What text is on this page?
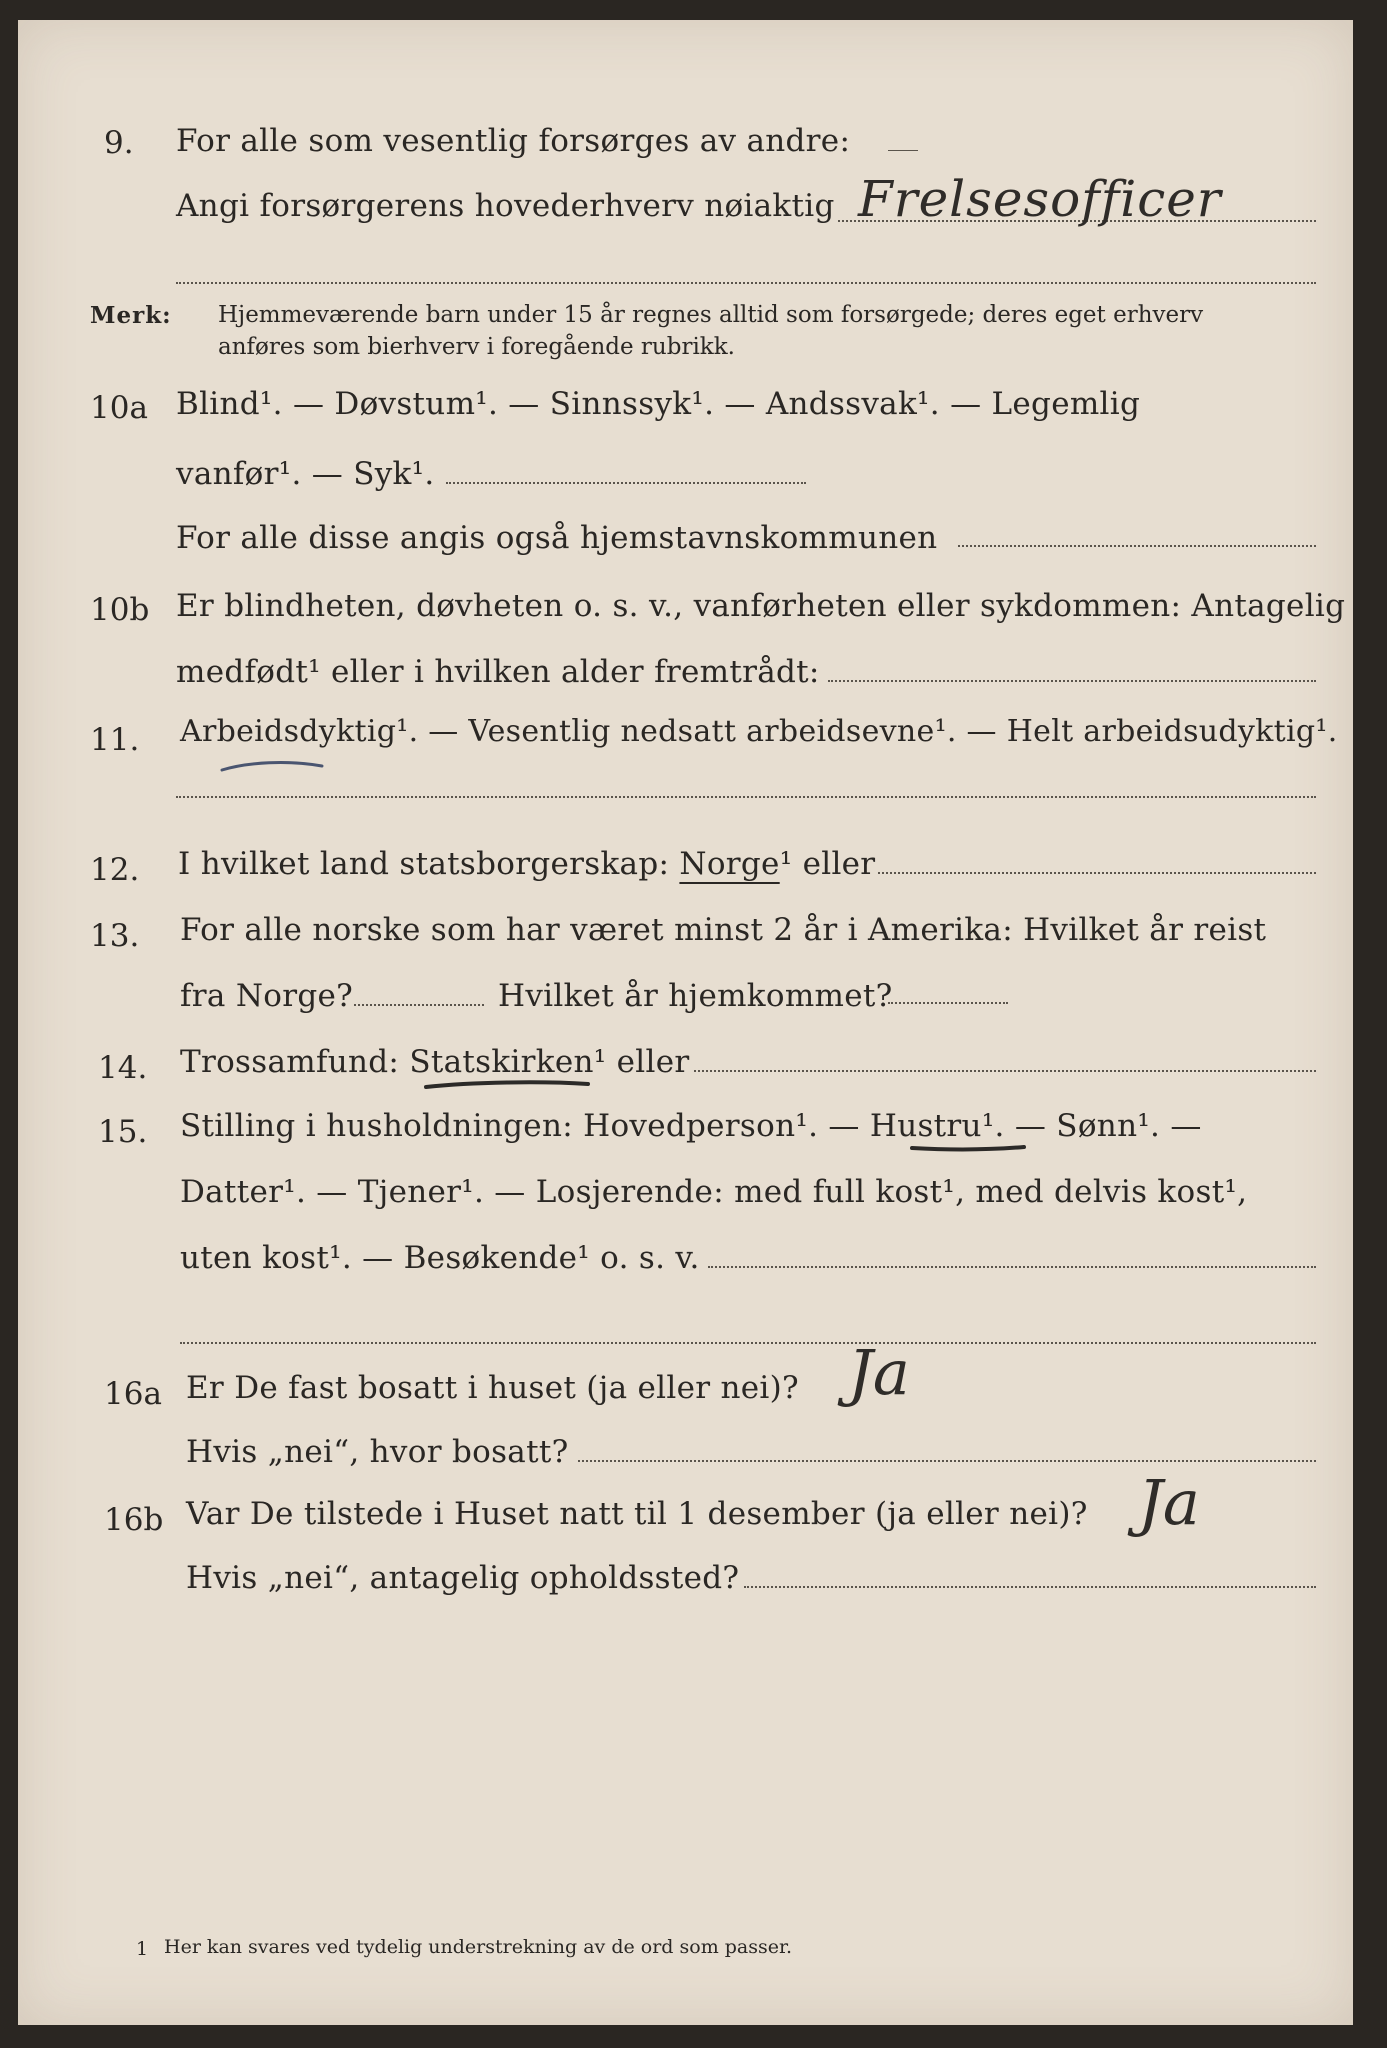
9. For alle som vesentlig forsørges av andre:
Angi forsørgerens hovederhverv nøiaktig Frelsesofficer
Merk: Hjemmeværende barn under 15 år regnes alltid som forsørgede; deres eget erhverv
anføres som bierhverv i foregående rubrikk.
10a Blind¹. — Døvstum¹. — Sinnssyk¹. — Andssvak¹. — Legemlig
vanfør¹. — Syk¹.
For alle disse angis også hjemstavnskommunen
10b Er blindheten, døvheten o. s. v., vanførheten eller sykdommen: Antagelig
medfødt¹ eller i hvilken alder fremtrådt:
11. Arbeidsdyktig¹. — Vesentlig nedsatt arbeidsevne¹. — Helt arbeidsudyktig¹.
12. I hvilket land statsborgerskap: Norge¹ eller
13. For alle norske som har været minst 2 år i Amerika: Hvilket år reist
fra Norge?	Hvilket år hjemkommet?
14. Trossamfund: Statskirken¹ eller
15. Stilling i husholdningen: Hovedperson¹. — Hustru¹. — Sønn¹. —
Datter¹. — Tjener¹. — Losjerende: med full kost¹, med delvis kost¹,
uten kost¹. — Besøkende¹ o. s. v.
16a Er De fast bosatt i huset (ja eller nei)? Ja
Hvis „nei“, hvor bosatt?
16b Var De tilstede i Huset natt til 1 desember (ja eller nei)? Ja
Hvis „nei“, antagelig opholdssted?
1 Her kan svares ved tydelig understrekning av de ord som passer.
